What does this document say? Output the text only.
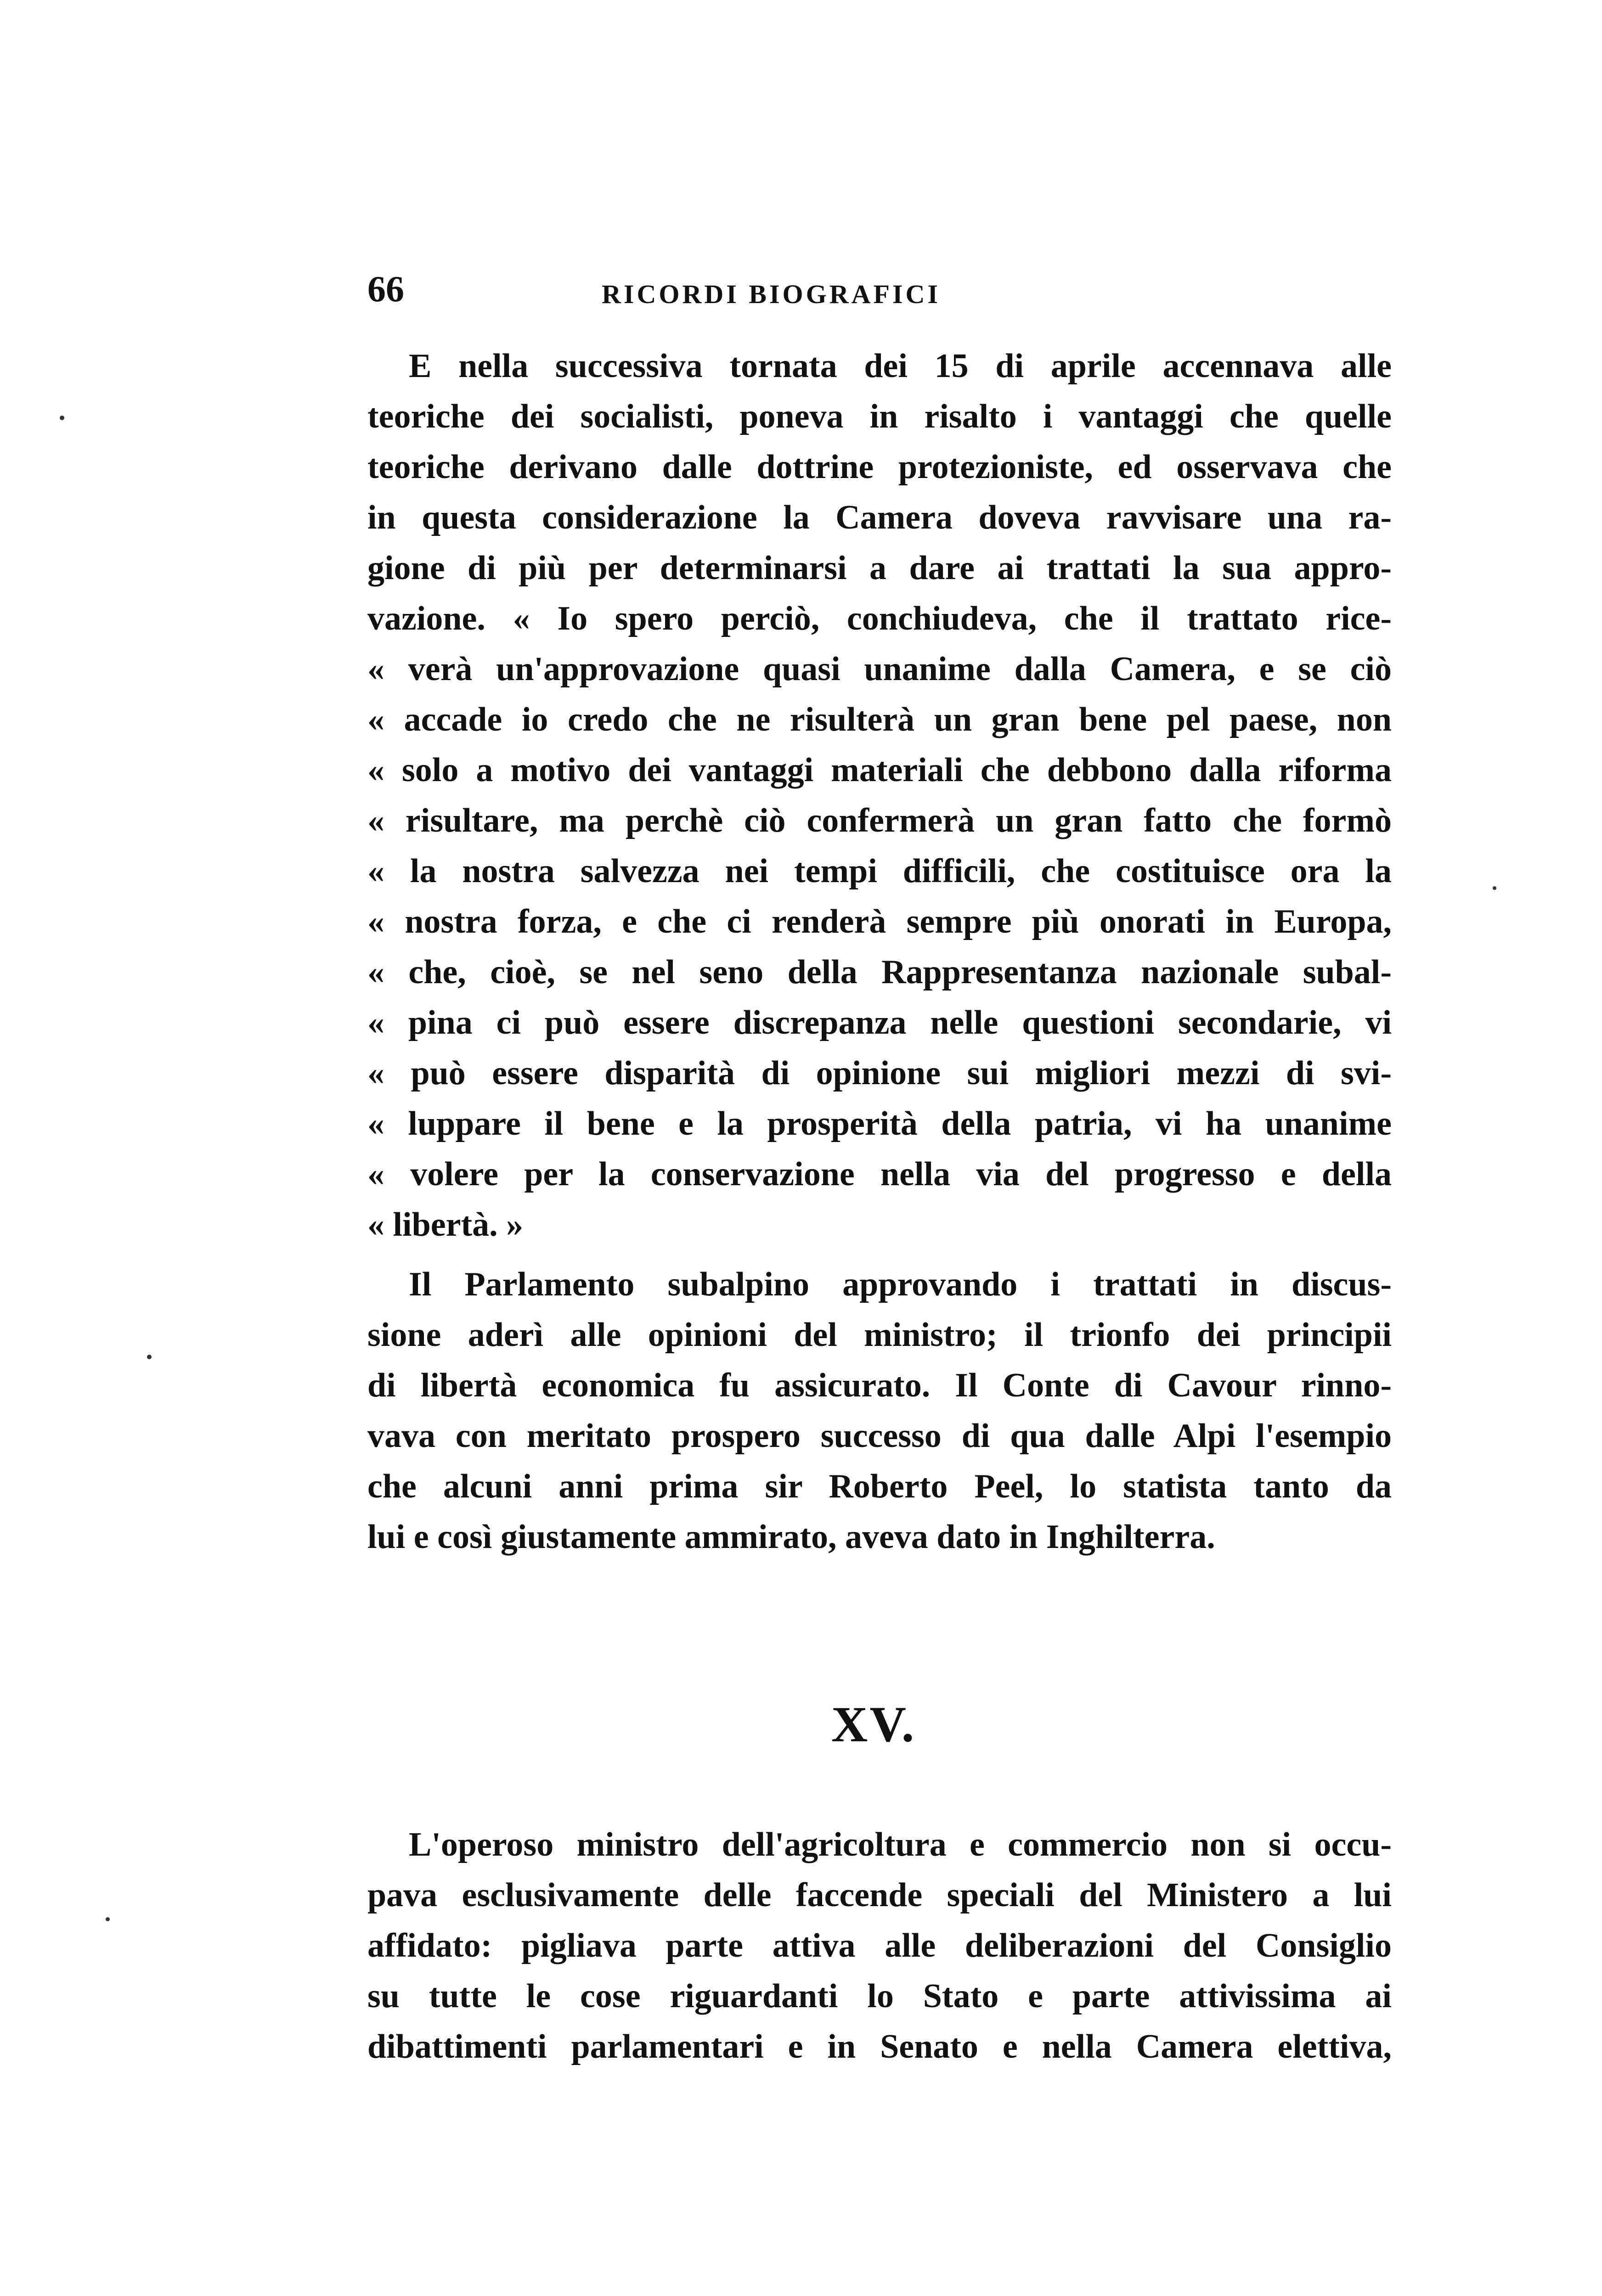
66	RICORDI BIOGRAFICI
E nella successiva tornata dei 15 di aprile accennava alle
teoriche dei socialisti, poneva in risalto i vantaggi che quelle
teoriche derivano dalle dottrine protezioniste, ed osservava che
in questa considerazione la Camera doveva ravvisare una ra-
gione di più per determinarsi a dare ai trattati la sua appro-
vazione. « Io spero perciò, conchiudeva, che il trattato rice-
« verà un'approvazione quasi unanime dalla Camera, e se ciò
« accade io credo che ne risulterà un gran bene pel paese, non
« solo a motivo dei vantaggi materiali che debbono dalla riforma
« risultare, ma perchè ciò confermerà un gran fatto che formò
« la nostra salvezza nei tempi difficili, che costituisce ora la
« nostra forza, e che ci renderà sempre più onorati in Europa,
« che, cioè, se nel seno della Rappresentanza nazionale subal-
« pina ci può essere discrepanza nelle questioni secondarie, vi
« può essere disparità di opinione sui migliori mezzi di svi-
« luppare il bene e la prosperità della patria, vi ha unanime
« volere per la conservazione nella via del progresso e della
« libertà. »
Il Parlamento subalpino approvando i trattati in discus-
sione aderì alle opinioni del ministro; il trionfo dei principii
di libertà economica fu assicurato. Il Conte di Cavour rinno-
vava con meritato prospero successo di qua dalle Alpi l'esempio
che alcuni anni prima sir Roberto Peel, lo statista tanto da
lui e così giustamente ammirato, aveva dato in Inghilterra.
XV.
L'operoso ministro dell'agricoltura e commercio non si occu-
pava esclusivamente delle faccende speciali del Ministero a lui
affidato: pigliava parte attiva alle deliberazioni del Consiglio
su tutte le cose riguardanti lo Stato e parte attivissima ai
dibattimenti parlamentari e in Senato e nella Camera elettiva,
